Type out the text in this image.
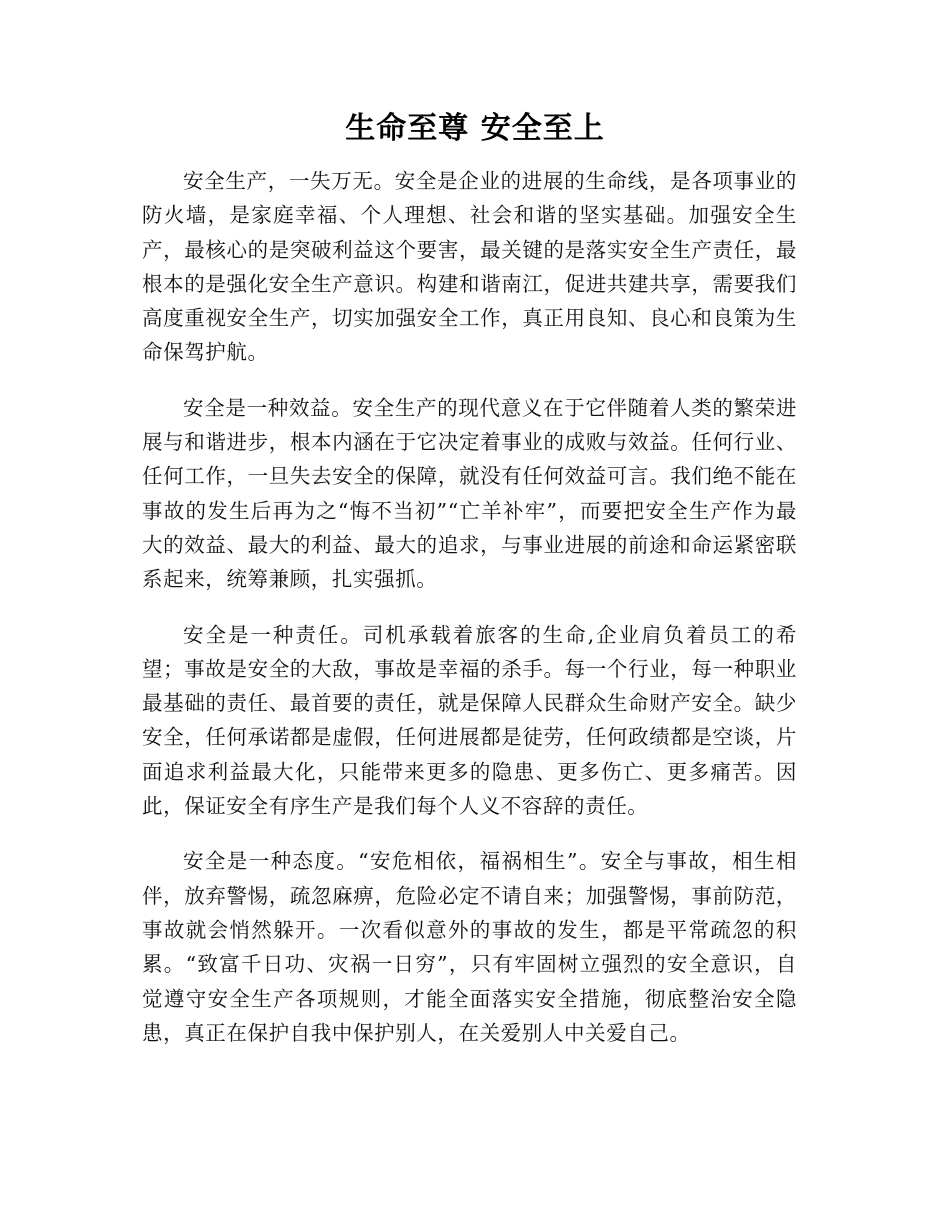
生命至尊 安全至上

安全生产，一失万无。安全是企业的进展的生命线，是各项事业的防火墙，是家庭幸福、个人理想、社会和谐的坚实基础。加强安全生产，最核心的是突破利益这个要害，最关键的是落实安全生产责任，最根本的是强化安全生产意识。构建和谐南江，促进共建共享，需要我们高度重视安全生产，切实加强安全工作，真正用良知、良心和良策为生命保驾护航。

安全是一种效益。安全生产的现代意义在于它伴随着人类的繁荣进展与和谐进步，根本内涵在于它决定着事业的成败与效益。任何行业、任何工作，一旦失去安全的保障，就没有任何效益可言。我们绝不能在事故的发生后再为之“悔不当初”“亡羊补牢”，而要把安全生产作为最大的效益、最大的利益、最大的追求，与事业进展的前途和命运紧密联系起来，统筹兼顾，扎实强抓。

安全是一种责任。司机承载着旅客的生命,企业肩负着员工的希望；事故是安全的大敌，事故是幸福的杀手。每一个行业，每一种职业最基础的责任、最首要的责任，就是保障人民群众生命财产安全。缺少安全，任何承诺都是虚假，任何进展都是徒劳，任何政绩都是空谈，片面追求利益最大化，只能带来更多的隐患、更多伤亡、更多痛苦。因此，保证安全有序生产是我们每个人义不容辞的责任。

安全是一种态度。“安危相依，福祸相生”。安全与事故，相生相伴，放弃警惕，疏忽麻痹，危险必定不请自来；加强警惕，事前防范，事故就会悄然躲开。一次看似意外的事故的发生，都是平常疏忽的积累。“致富千日功、灾祸一日穷”，只有牢固树立强烈的安全意识，自觉遵守安全生产各项规则，才能全面落实安全措施，彻底整治安全隐患，真正在保护自我中保护别人，在关爱别人中关爱自己。
